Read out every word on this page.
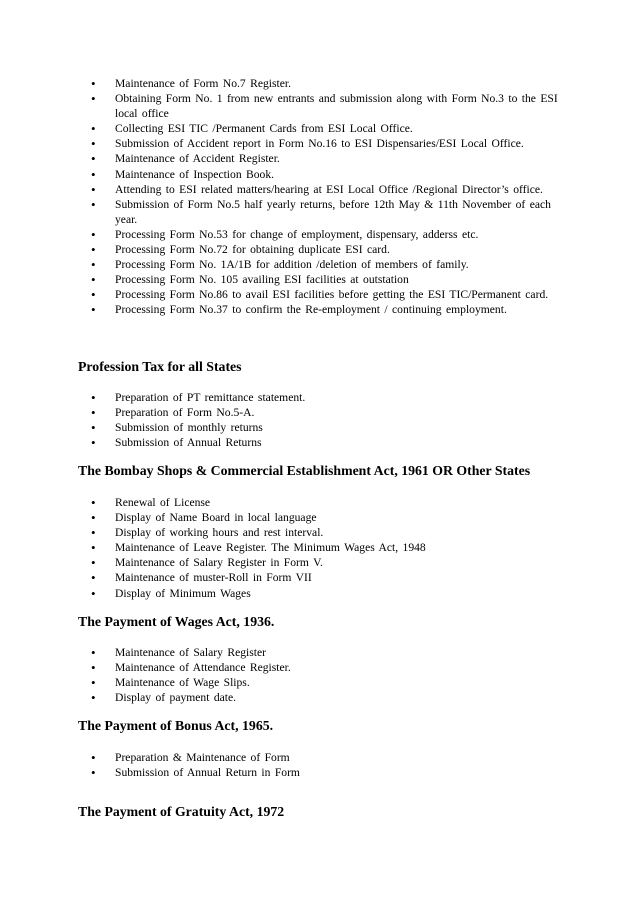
• Maintenance of Form No.7 Register.
• Obtaining Form No. 1 from new entrants and submission along with Form No.3 to the ESI local office
• Collecting ESI TIC /Permanent Cards from ESI Local Office.
• Submission of Accident report in Form No.16 to ESI Dispensaries/ESI Local Office.
• Maintenance of Accident Register.
• Maintenance of Inspection Book.
• Attending to ESI related matters/hearing at ESI Local Office /Regional Director’s office.
• Submission of Form No.5 half yearly returns, before 12th May & 11th November of each year.
• Processing Form No.53 for change of employment, dispensary, adderss etc.
• Processing Form No.72 for obtaining duplicate ESI card.
• Processing Form No. 1A/1B for addition /deletion of members of family.
• Processing Form No. 105 availing ESI facilities at outstation
• Processing Form No.86 to avail ESI facilities before getting the ESI TIC/Permanent card.
• Processing Form No.37 to confirm the Re-employment / continuing employment.
Profession Tax for all States
• Preparation of PT remittance statement.
• Preparation of Form No.5-A.
• Submission of monthly returns
• Submission of Annual Returns
The Bombay Shops & Commercial Establishment Act, 1961 OR Other States
• Renewal of License
• Display of Name Board in local language
• Display of working hours and rest interval.
• Maintenance of Leave Register. The Minimum Wages Act, 1948
• Maintenance of Salary Register in Form V.
• Maintenance of muster-Roll in Form VII
• Display of Minimum Wages
The Payment of Wages Act, 1936.
• Maintenance of Salary Register
• Maintenance of Attendance Register.
• Maintenance of Wage Slips.
• Display of payment date.
The Payment of Bonus Act, 1965.
• Preparation & Maintenance of Form
• Submission of Annual Return in Form
The Payment of Gratuity Act, 1972
